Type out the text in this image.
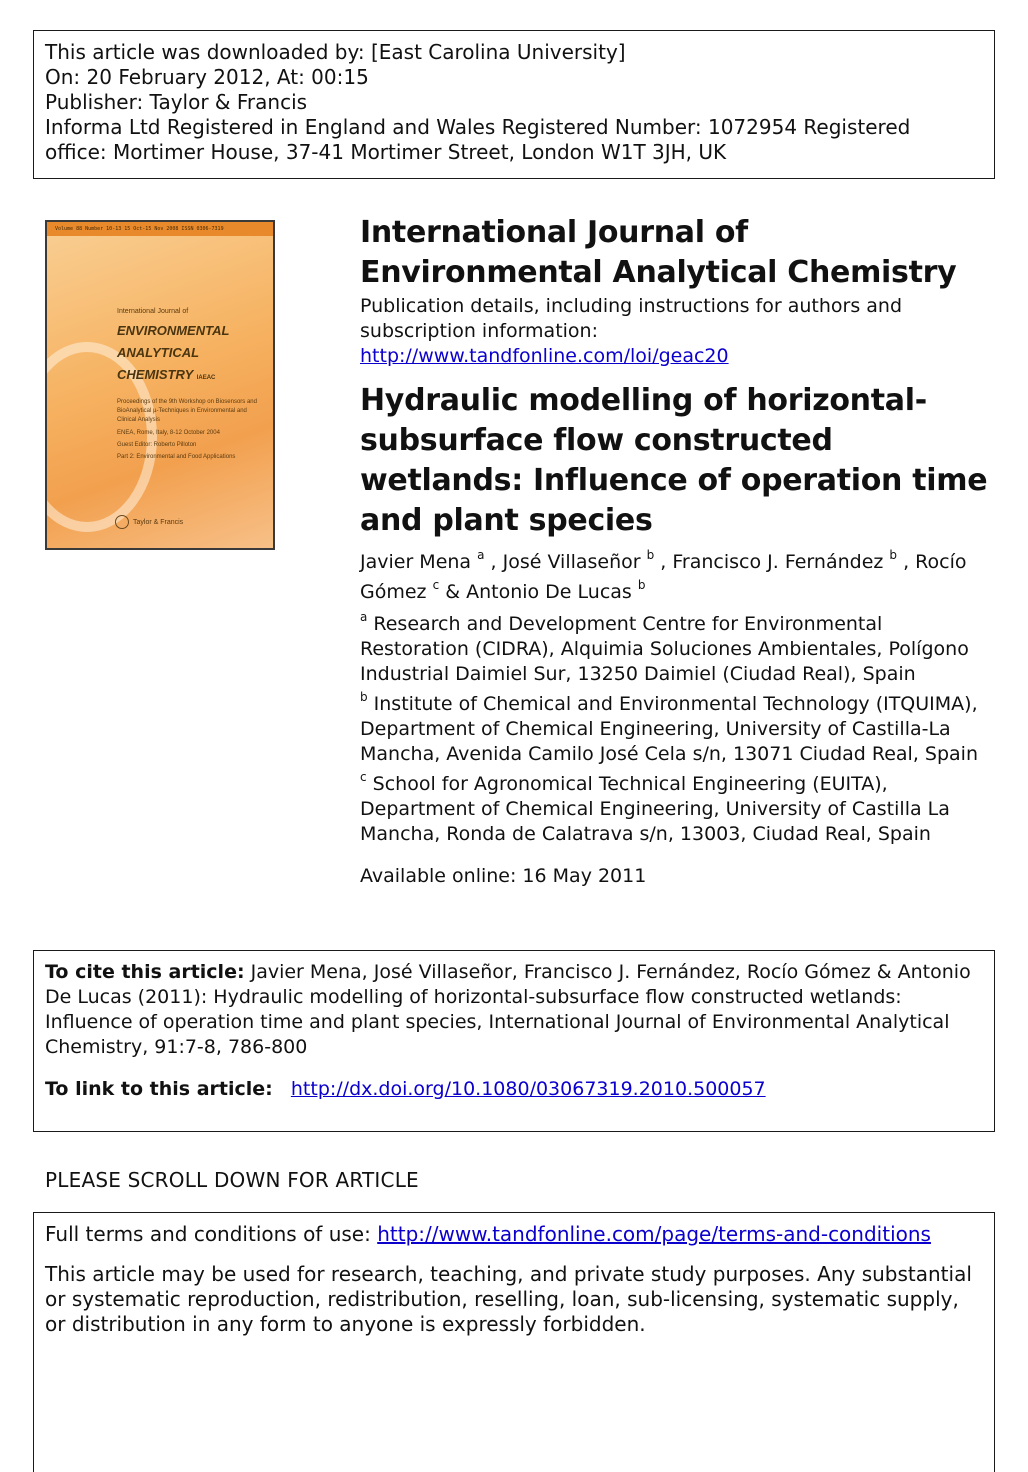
This article was downloaded by: [East Carolina University]
On: 20 February 2012, At: 00:15
Publisher: Taylor & Francis
Informa Ltd Registered in England and Wales Registered Number: 1072954 Registered
office: Mortimer House, 37-41 Mortimer Street, London W1T 3JH, UK
Volume 88 Number 10-13 15 Oct-15 Nov 2008 ISSN 0306-7319
International Journal of
ENVIRONMENTAL
ANALYTICAL
CHEMISTRY IAEAC
Proceedings of the 9th Workshop on Biosensors and BioAnalytical µ-Techniques in Environmental and Clinical Analysis
ENEA, Rome, Italy, 8-12 October 2004
Guest Editor: Roberto Pilloton
Part 2: Environmental and Food Applications
Taylor & Francis
International Journal of Environmental Analytical Chemistry
Publication details, including instructions for authors and subscription information:
http://www.tandfonline.com/loi/geac20
Hydraulic modelling of horizontal-subsurface flow constructed wetlands: Influence of operation time and plant species
Javier Mena $^a$ , José Villaseñor $^b$ , Francisco J. Fernández $^b$ , Rocío Gómez $^c$ & Antonio De Lucas $^b$
$^a$ Research and Development Centre for Environmental Restoration (CIDRA), Alquimia Soluciones Ambientales, Polígono Industrial Daimiel Sur, 13250 Daimiel (Ciudad Real), Spain
$^b$ Institute of Chemical and Environmental Technology (ITQUIMA), Department of Chemical Engineering, University of Castilla-La Mancha, Avenida Camilo José Cela s/n, 13071 Ciudad Real, Spain
$^c$ School for Agronomical Technical Engineering (EUITA), Department of Chemical Engineering, University of Castilla La Mancha, Ronda de Calatrava s/n, 13003, Ciudad Real, Spain
Available online: 16 May 2011
To cite this article: Javier Mena, José Villaseñor, Francisco J. Fernández, Rocío Gómez & Antonio De Lucas (2011): Hydraulic modelling of horizontal-subsurface flow constructed wetlands: Influence of operation time and plant species, International Journal of Environmental Analytical Chemistry, 91:7-8, 786-800
To link to this article: http://dx.doi.org/10.1080/03067319.2010.500057
PLEASE SCROLL DOWN FOR ARTICLE
Full terms and conditions of use: http://www.tandfonline.com/page/terms-and-conditions
This article may be used for research, teaching, and private study purposes. Any substantial or systematic reproduction, redistribution, reselling, loan, sub-licensing, systematic supply, or distribution in any form to anyone is expressly forbidden.
